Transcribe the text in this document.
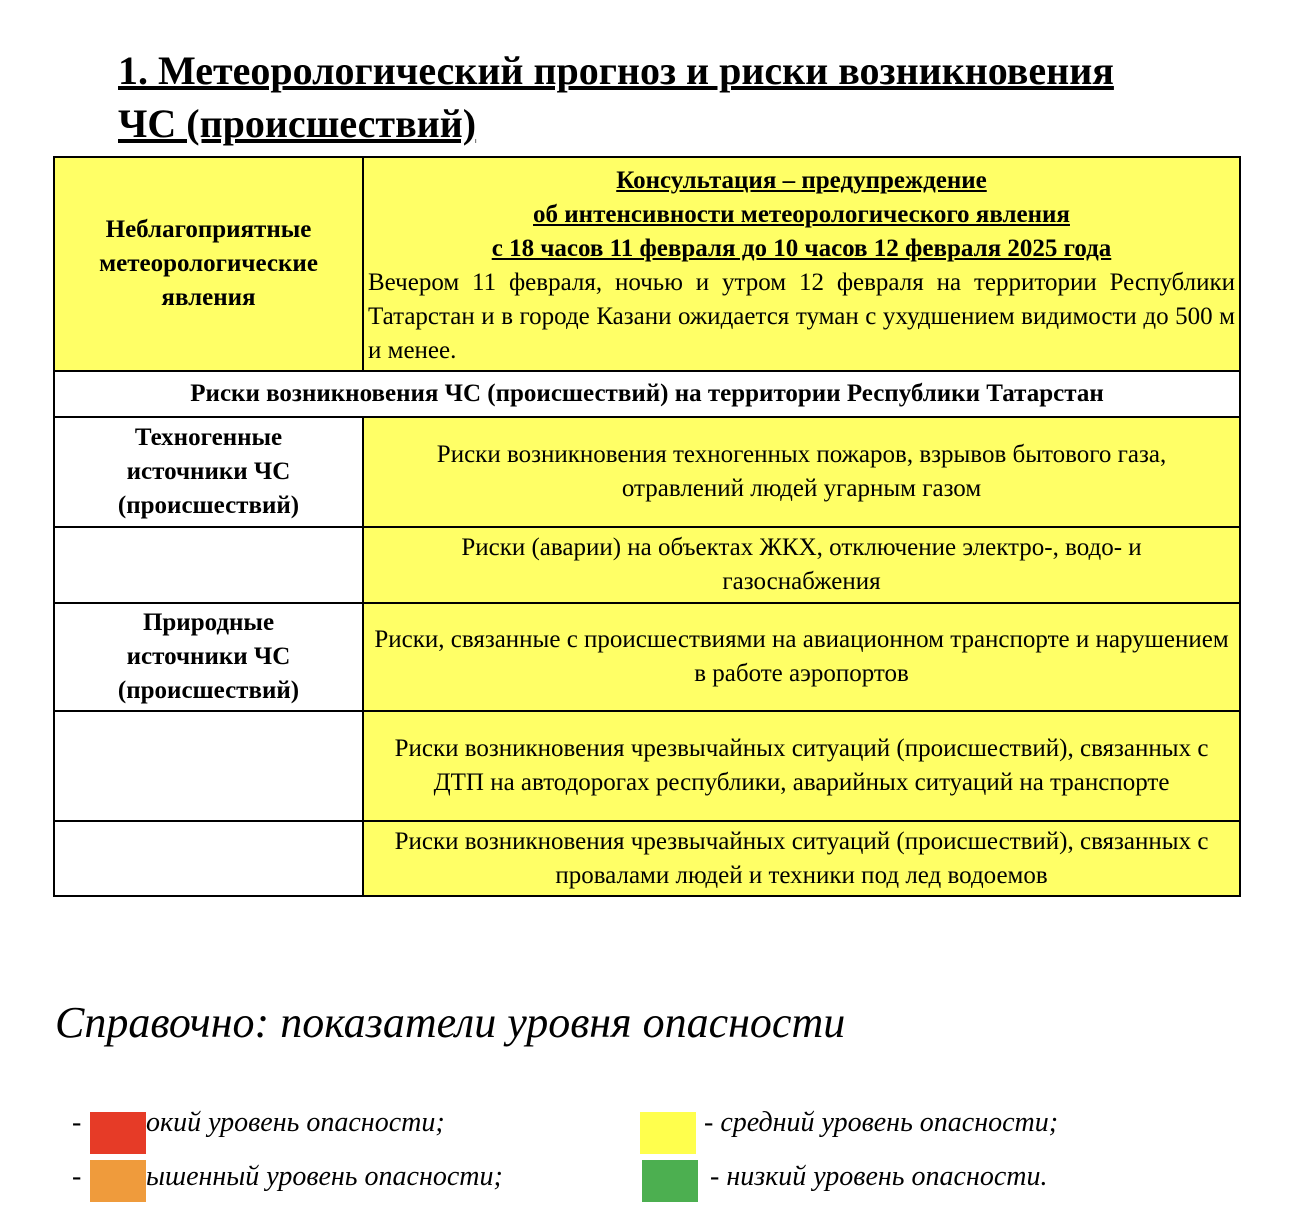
1. Метеорологический прогноз и риски возникновения ЧС (происшествий)
Неблагоприятные метеорологические явления
Консультация – предупреждение
об интенсивности метеорологического явления
с 18 часов 11 февраля до 10 часов 12 февраля 2025 года
Вечером 11 февраля, ночью и утром 12 февраля на территории Республики Татарстан и в городе Казани ожидается туман с ухудшением видимости до 500 м и менее.
Риски возникновения ЧС (происшествий) на территории Республики Татарстан
Техногенные источники ЧС (происшествий)
Риски возникновения техногенных пожаров, взрывов бытового газа, отравлений людей угарным газом
Риски (аварии) на объектах ЖКХ, отключение электро-, водо- и газоснабжения
Природные источники ЧС (происшествий)
Риски, связанные с происшествиями на авиационном транспорте и нарушением в работе аэропортов
Риски возникновения чрезвычайных ситуаций (происшествий), связанных с ДТП на автодорогах республики, аварийных ситуаций на транспорте
Риски возникновения чрезвычайных ситуаций (происшествий), связанных с провалами людей и техники под лед водоемов

Справочно: показатели уровня опасности

- окий уровень опасности;
- ышенный уровень опасности;
- средний уровень опасности;
- низкий уровень опасности.
